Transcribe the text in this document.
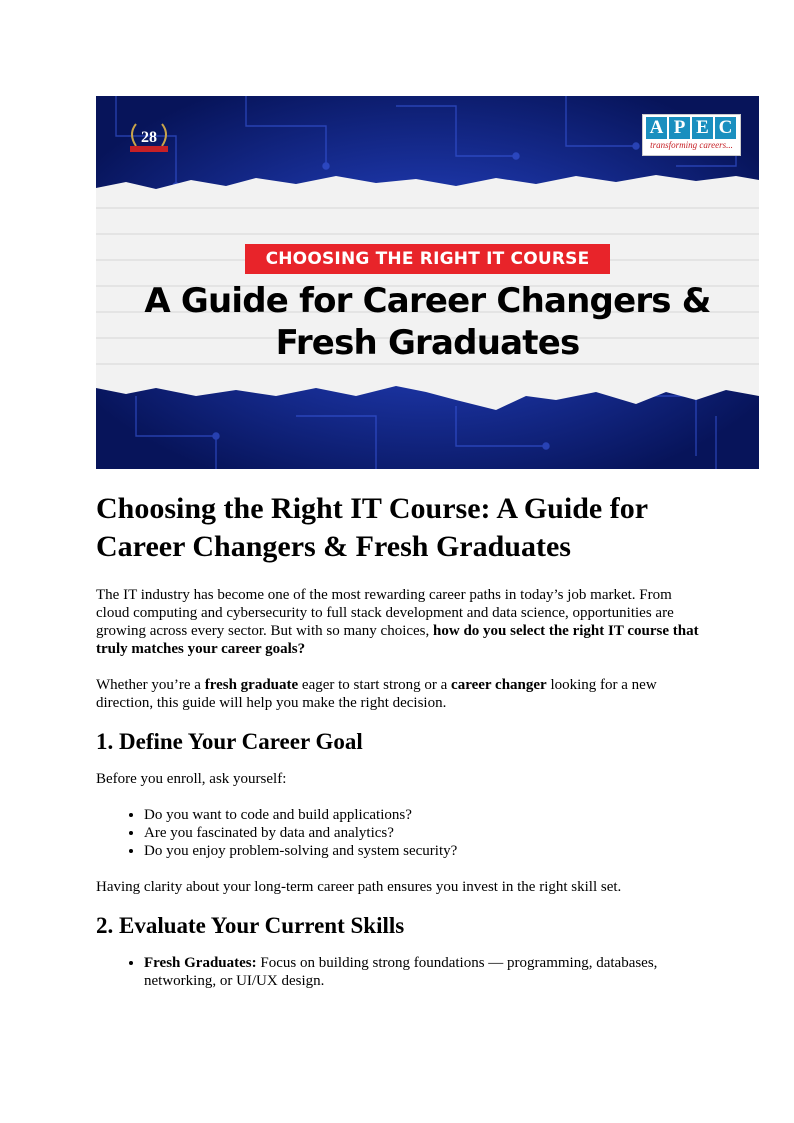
28	A P E C
transforming careers...
CHOOSING THE RIGHT IT COURSE
A Guide for Career Changers &
Fresh Graduates
Choosing the Right IT Course: A Guide for Career Changers & Fresh Graduates

The IT industry has become one of the most rewarding career paths in today’s job market. From cloud computing and cybersecurity to full stack development and data science, opportunities are growing across every sector. But with so many choices, how do you select the right IT course that truly matches your career goals?

Whether you’re a fresh graduate eager to start strong or a career changer looking for a new direction, this guide will help you make the right decision.

1. Define Your Career Goal

Before you enroll, ask yourself:

• Do you want to code and build applications?
• Are you fascinated by data and analytics?
• Do you enjoy problem-solving and system security?

Having clarity about your long-term career path ensures you invest in the right skill set.

2. Evaluate Your Current Skills
• Fresh Graduates: Focus on building strong foundations — programming, databases, networking, or UI/UX design.
